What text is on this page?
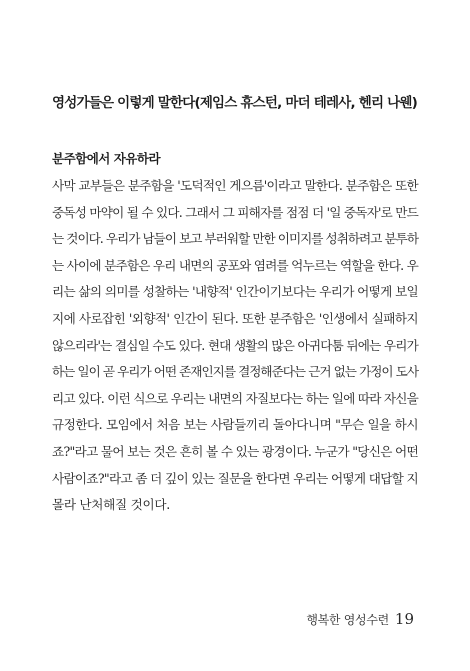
영성가들은 이렇게 말한다(제임스 휴스턴, 마더 테레사, 헨리 나웬)
분주함에서 자유하라
사막 교부들은 분주함을 '도덕적인 게으름'이라고 말한다. 분주함은 또한
중독성 마약이 될 수 있다. 그래서 그 피해자를 점점 더 '일 중독자'로 만드
는 것이다. 우리가 남들이 보고 부러워할 만한 이미지를 성취하려고 분투하
는 사이에 분주함은 우리 내면의 공포와 염려를 억누르는 역할을 한다. 우
리는 삶의 의미를 성찰하는 '내향적' 인간이기보다는 우리가 어떻게 보일
지에 사로잡힌 '외향적' 인간이 된다. 또한 분주함은 '인생에서 실패하지
않으리라'는 결심일 수도 있다. 현대 생활의 많은 아귀다툼 뒤에는 우리가
하는 일이 곧 우리가 어떤 존재인지를 결정해준다는 근거 없는 가정이 도사
리고 있다. 이런 식으로 우리는 내면의 자질보다는 하는 일에 따라 자신을
규정한다. 모임에서 처음 보는 사람들끼리 돌아다니며 "무슨 일을 하시
죠?"라고 물어 보는 것은 흔히 볼 수 있는 광경이다. 누군가 "당신은 어떤
사람이죠?"라고 좀 더 깊이 있는 질문을 한다면 우리는 어떻게 대답할 지
몰라 난처해질 것이다.
행복한 영성수련 19
